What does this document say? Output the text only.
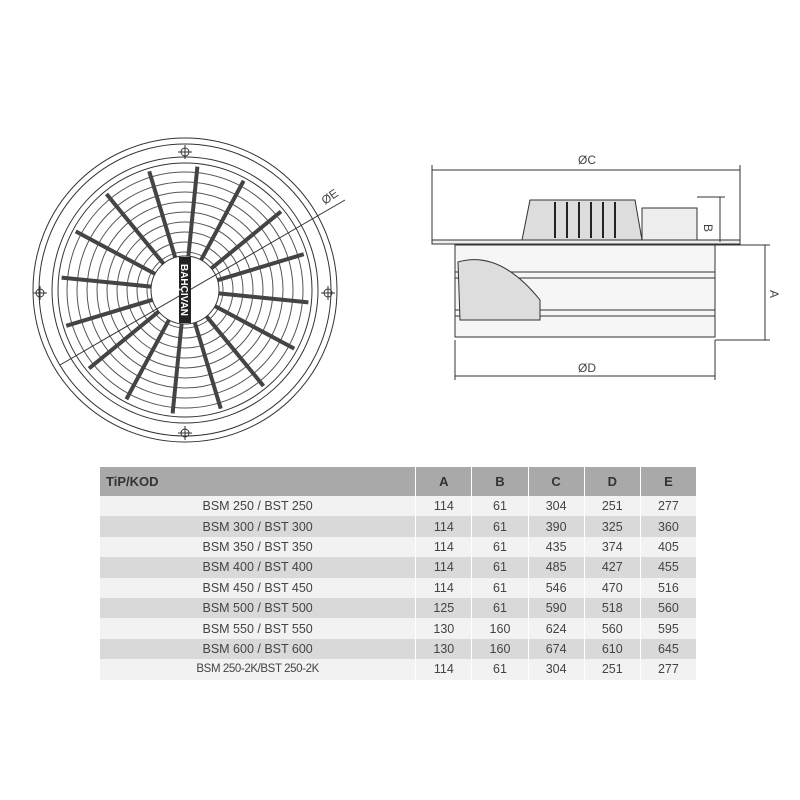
ØE
ØC
B
A
ØD
BAHÇIVAN
TiP/KOD	A	B	C	D	E
BSM 250 / BST 250	114	61	304	251	277
BSM 300 / BST 300	114	61	390	325	360
BSM 350 / BST 350	114	61	435	374	405
BSM 400 / BST 400	114	61	485	427	455
BSM 450 / BST 450	114	61	546	470	516
BSM 500 / BST 500	125	61	590	518	560
BSM 550 / BST 550	130	160	624	560	595
BSM 600 / BST 600	130	160	674	610	645
BSM 250-2K/BST 250-2K	114	61	304	251	277
